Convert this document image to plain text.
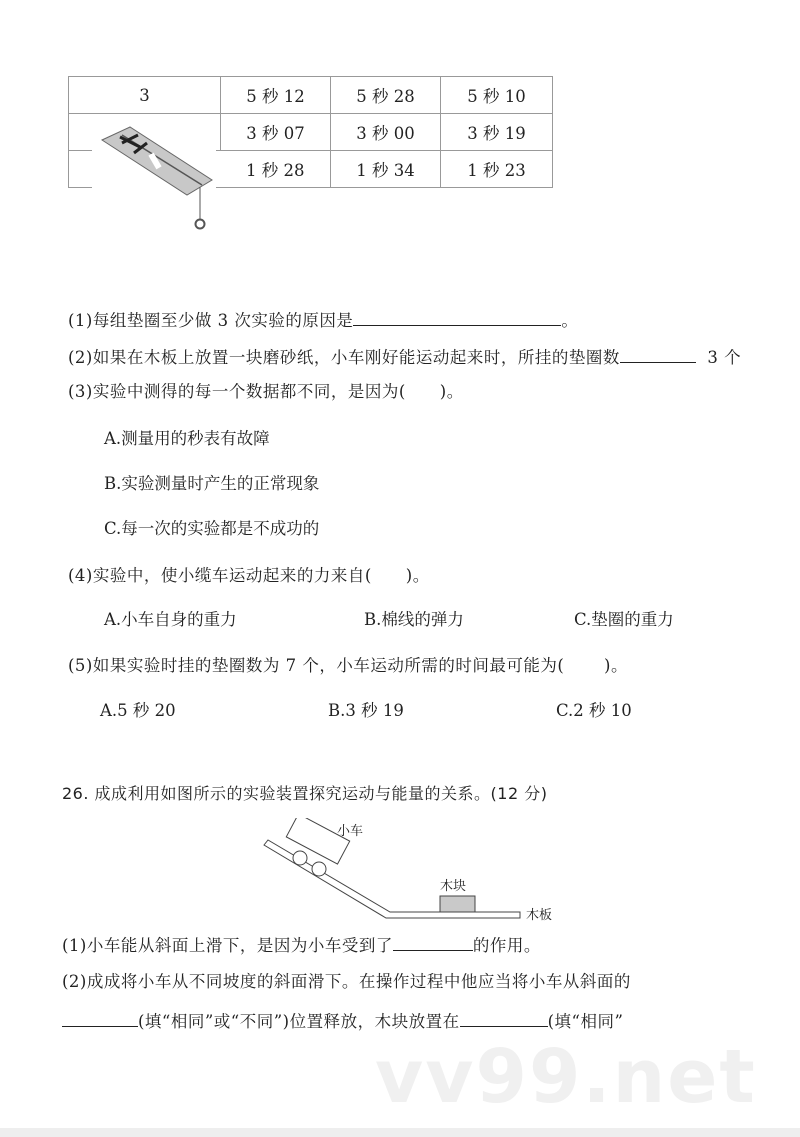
3	5 秒 12	5 秒 28	5 秒 10
	3 秒 07	3 秒 00	3 秒 19
	1 秒 28	1 秒 34	1 秒 23
(1)每组垫圈至少做 3 次实验的原因是	。
(2)如果在木板上放置一块磨砂纸，小车刚好能运动起来时，所挂的垫圈数	3 个
(3)实验中测得的每一个数据都不同，是因为(　　)。
A.测量用的秒表有故障
B.实验测量时产生的正常现象
C.每一次的实验都是不成功的
(4)实验中，使小缆车运动起来的力来自(　　)。
A.小车自身的重力	B.棉线的弹力	C.垫圈的重力
(5)如果实验时挂的垫圈数为 7 个，小车运动所需的时间最可能为(　　 )。
A.5 秒 20	B.3 秒 19	C.2 秒 10
26. 成成利用如图所示的实验装置探究运动与能量的关系。(12 分)
小车
木块
木板
(1)小车能从斜面上滑下，是因为小车受到了	的作用。
(2)成成将小车从不同坡度的斜面滑下。在操作过程中他应当将小车从斜面的
(填“相同”或“不同”)位置释放，木块放置在	(填“相同”
vv99.net
